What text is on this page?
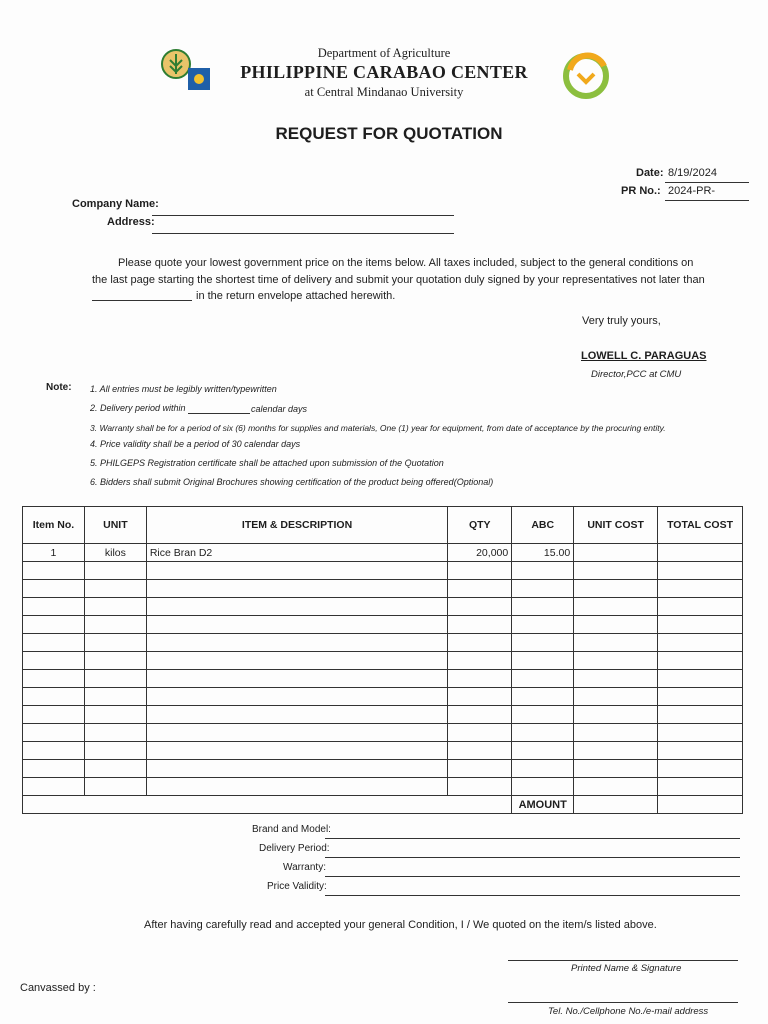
Department of Agriculture
PHILIPPINE CARABAO CENTER
at Central Mindanao University
REQUEST FOR QUOTATION
Date: 8/19/2024
PR No.: 2024-PR-
Company Name:
Address:
Please quote your lowest government price on the items below. All taxes included, subject to the general conditions on
the last page starting the shortest time of delivery and submit your quotation duly signed by your representatives not later than
in the return envelope attached herewith.
Very truly yours,
LOWELL C. PARAGUAS
Director,PCC at CMU
Note: 1. All entries must be legibly written/typewritten
2. Delivery period within	calendar days
3. Warranty shall be for a period of six (6) months for supplies and materials, One (1) year for equipment, from date of acceptance by the procuring entity.
4. Price validity shall be a period of 30 calendar days
5. PHILGEPS Registration certificate shall be attached upon submission of the Quotation
6. Bidders shall submit Original Brochures showing certification of the product being offered(Optional)
Item No.	UNIT	ITEM & DESCRIPTION	QTY	ABC	UNIT COST	TOTAL COST
1	kilos	Rice Bran D2	20,000	15.00		

				AMOUNT		
Brand and Model:
Delivery Period:
Warranty:
Price Validity:
After having carefully read and accepted your general Condition, I / We quoted on the item/s listed above.
Printed Name & Signature
Canvassed by :
Tel. No./Cellphone No./e-mail address
